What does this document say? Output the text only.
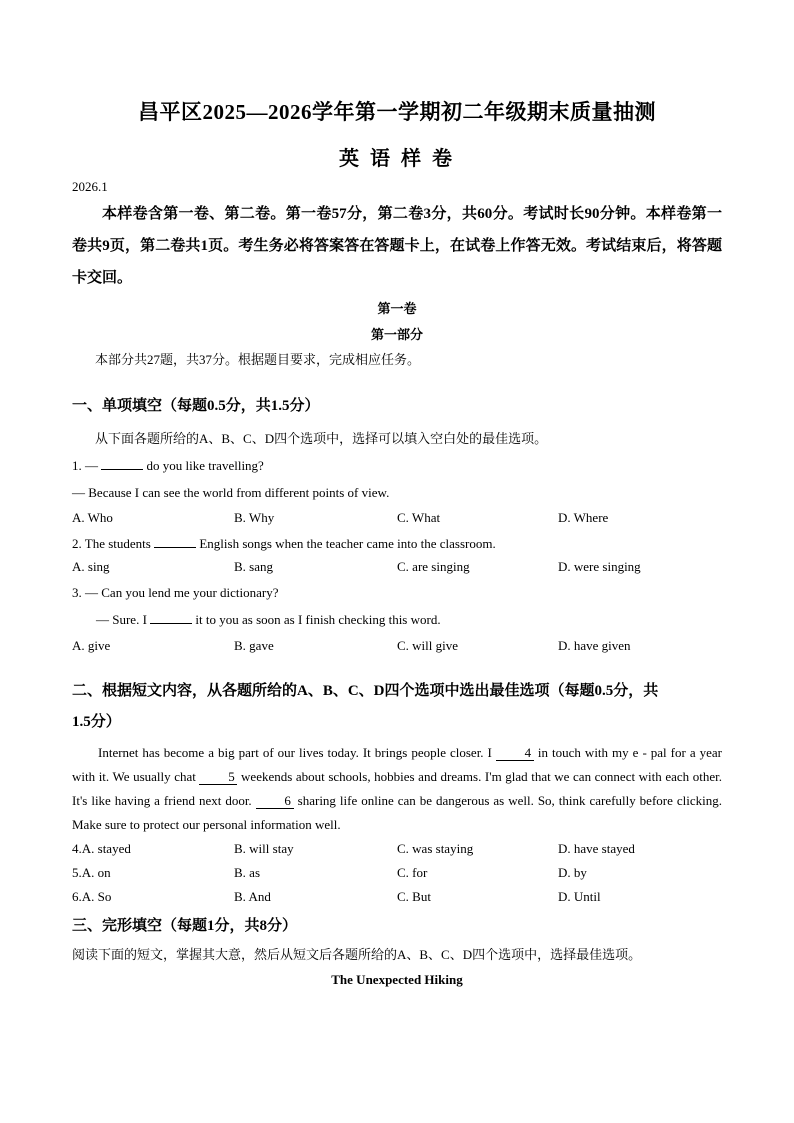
昌平区2025—2026学年第一学期初二年级期末质量抽测
英 语 样 卷
2026.1
本样卷含第一卷、第二卷。第一卷57分，第二卷3分，共60分。考试时长90分钟。本样卷第一卷共9页，第二卷共1页。考生务必将答案答在答题卡上，在试卷上作答无效。考试结束后，将答题卡交回。
第一卷
第一部分
本部分共27题，共37分。根据题目要求，完成相应任务。
一、单项填空（每题0.5分，共1.5分）
从下面各题所给的A、B、C、D四个选项中，选择可以填入空白处的最佳选项。
1. —	do you like travelling?
— Because I can see the world from different points of view.
A. Who	B. Why	C. What	D. Where
2. The students	English songs when the teacher came into the classroom.
A. sing	B. sang	C. are singing	D. were singing
3. — Can you lend me your dictionary?
— Sure. I	it to you as soon as I finish checking this word.
A. give	B. gave	C. will give	D. have given
二、根据短文内容，从各题所给的A、B、C、D四个选项中选出最佳选项（每题0.5分，共
1.5分）
Internet has become a big part of our lives today. It brings people closer. I 4 in touch with my e - pal for a year with it. We usually chat 5 weekends about schools, hobbies and dreams. I'm glad that we can connect with each other. It's like having a friend next door. 6 sharing life online can be dangerous as well. So, think carefully before clicking. Make sure to protect our personal information well.
4.A. stayed	B. will stay	C. was staying	D. have stayed
5.A. on	B. as	C. for	D. by
6.A. So	B. And	C. But	D. Until
三、完形填空（每题1分，共8分）
阅读下面的短文，掌握其大意，然后从短文后各题所给的A、B、C、D四个选项中，选择最佳选项。
The Unexpected Hiking
